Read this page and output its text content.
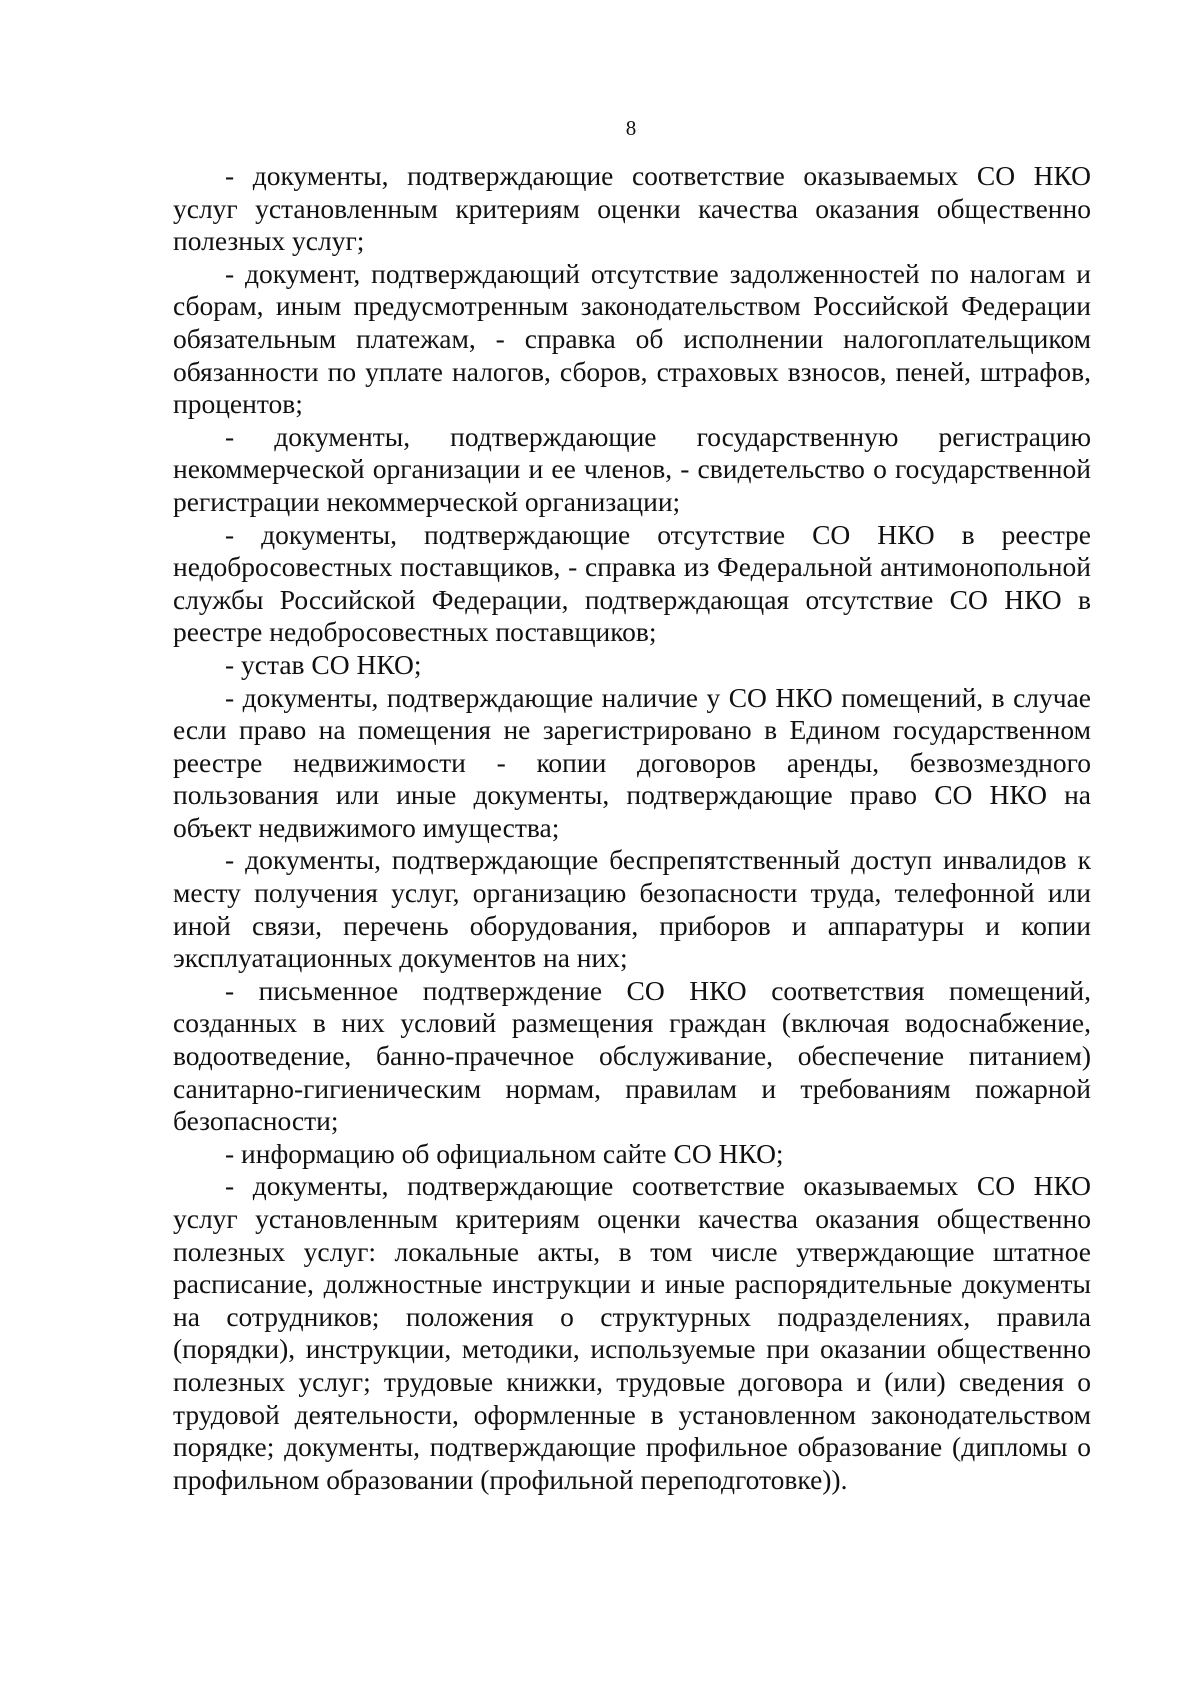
8

- документы, подтверждающие соответствие оказываемых СО НКО услуг установленным критериям оценки качества оказания общественно полезных услуг;

- документ, подтверждающий отсутствие задолженностей по налогам и сборам, иным предусмотренным законодательством Российской Федерации обязательным платежам, - справка об исполнении налогоплательщиком обязанности по уплате налогов, сборов, страховых взносов, пеней, штрафов, процентов;

- документы, подтверждающие государственную регистрацию некоммерческой организации и ее членов, - свидетельство о государственной регистрации некоммерческой организации;

- документы, подтверждающие отсутствие СО НКО в реестре недобросовестных поставщиков, - справка из Федеральной антимонопольной службы Российской Федерации, подтверждающая отсутствие СО НКО в реестре недобросовестных поставщиков;

- устав СО НКО;

- документы, подтверждающие наличие у СО НКО помещений, в случае если право на помещения не зарегистрировано в Едином государственном реестре недвижимости - копии договоров аренды, безвозмездного пользования или иные документы, подтверждающие право СО НКО на объект недвижимого имущества;

- документы, подтверждающие беспрепятственный доступ инвалидов к месту получения услуг, организацию безопасности труда, телефонной или иной связи, перечень оборудования, приборов и аппаратуры и копии эксплуатационных документов на них;

- письменное подтверждение СО НКО соответствия помещений, созданных в них условий размещения граждан (включая водоснабжение, водоотведение, банно-прачечное обслуживание, обеспечение питанием) санитарно-гигиеническим нормам, правилам и требованиям пожарной безопасности;

- информацию об официальном сайте СО НКО;

- документы, подтверждающие соответствие оказываемых СО НКО услуг установленным критериям оценки качества оказания общественно полезных услуг: локальные акты, в том числе утверждающие штатное расписание, должностные инструкции и иные распорядительные документы на сотрудников; положения о структурных подразделениях, правила (порядки), инструкции, методики, используемые при оказании общественно полезных услуг; трудовые книжки, трудовые договора и (или) сведения о трудовой деятельности, оформленные в установленном законодательством порядке; документы, подтверждающие профильное образование (дипломы о профильном образовании (профильной переподготовке)).
